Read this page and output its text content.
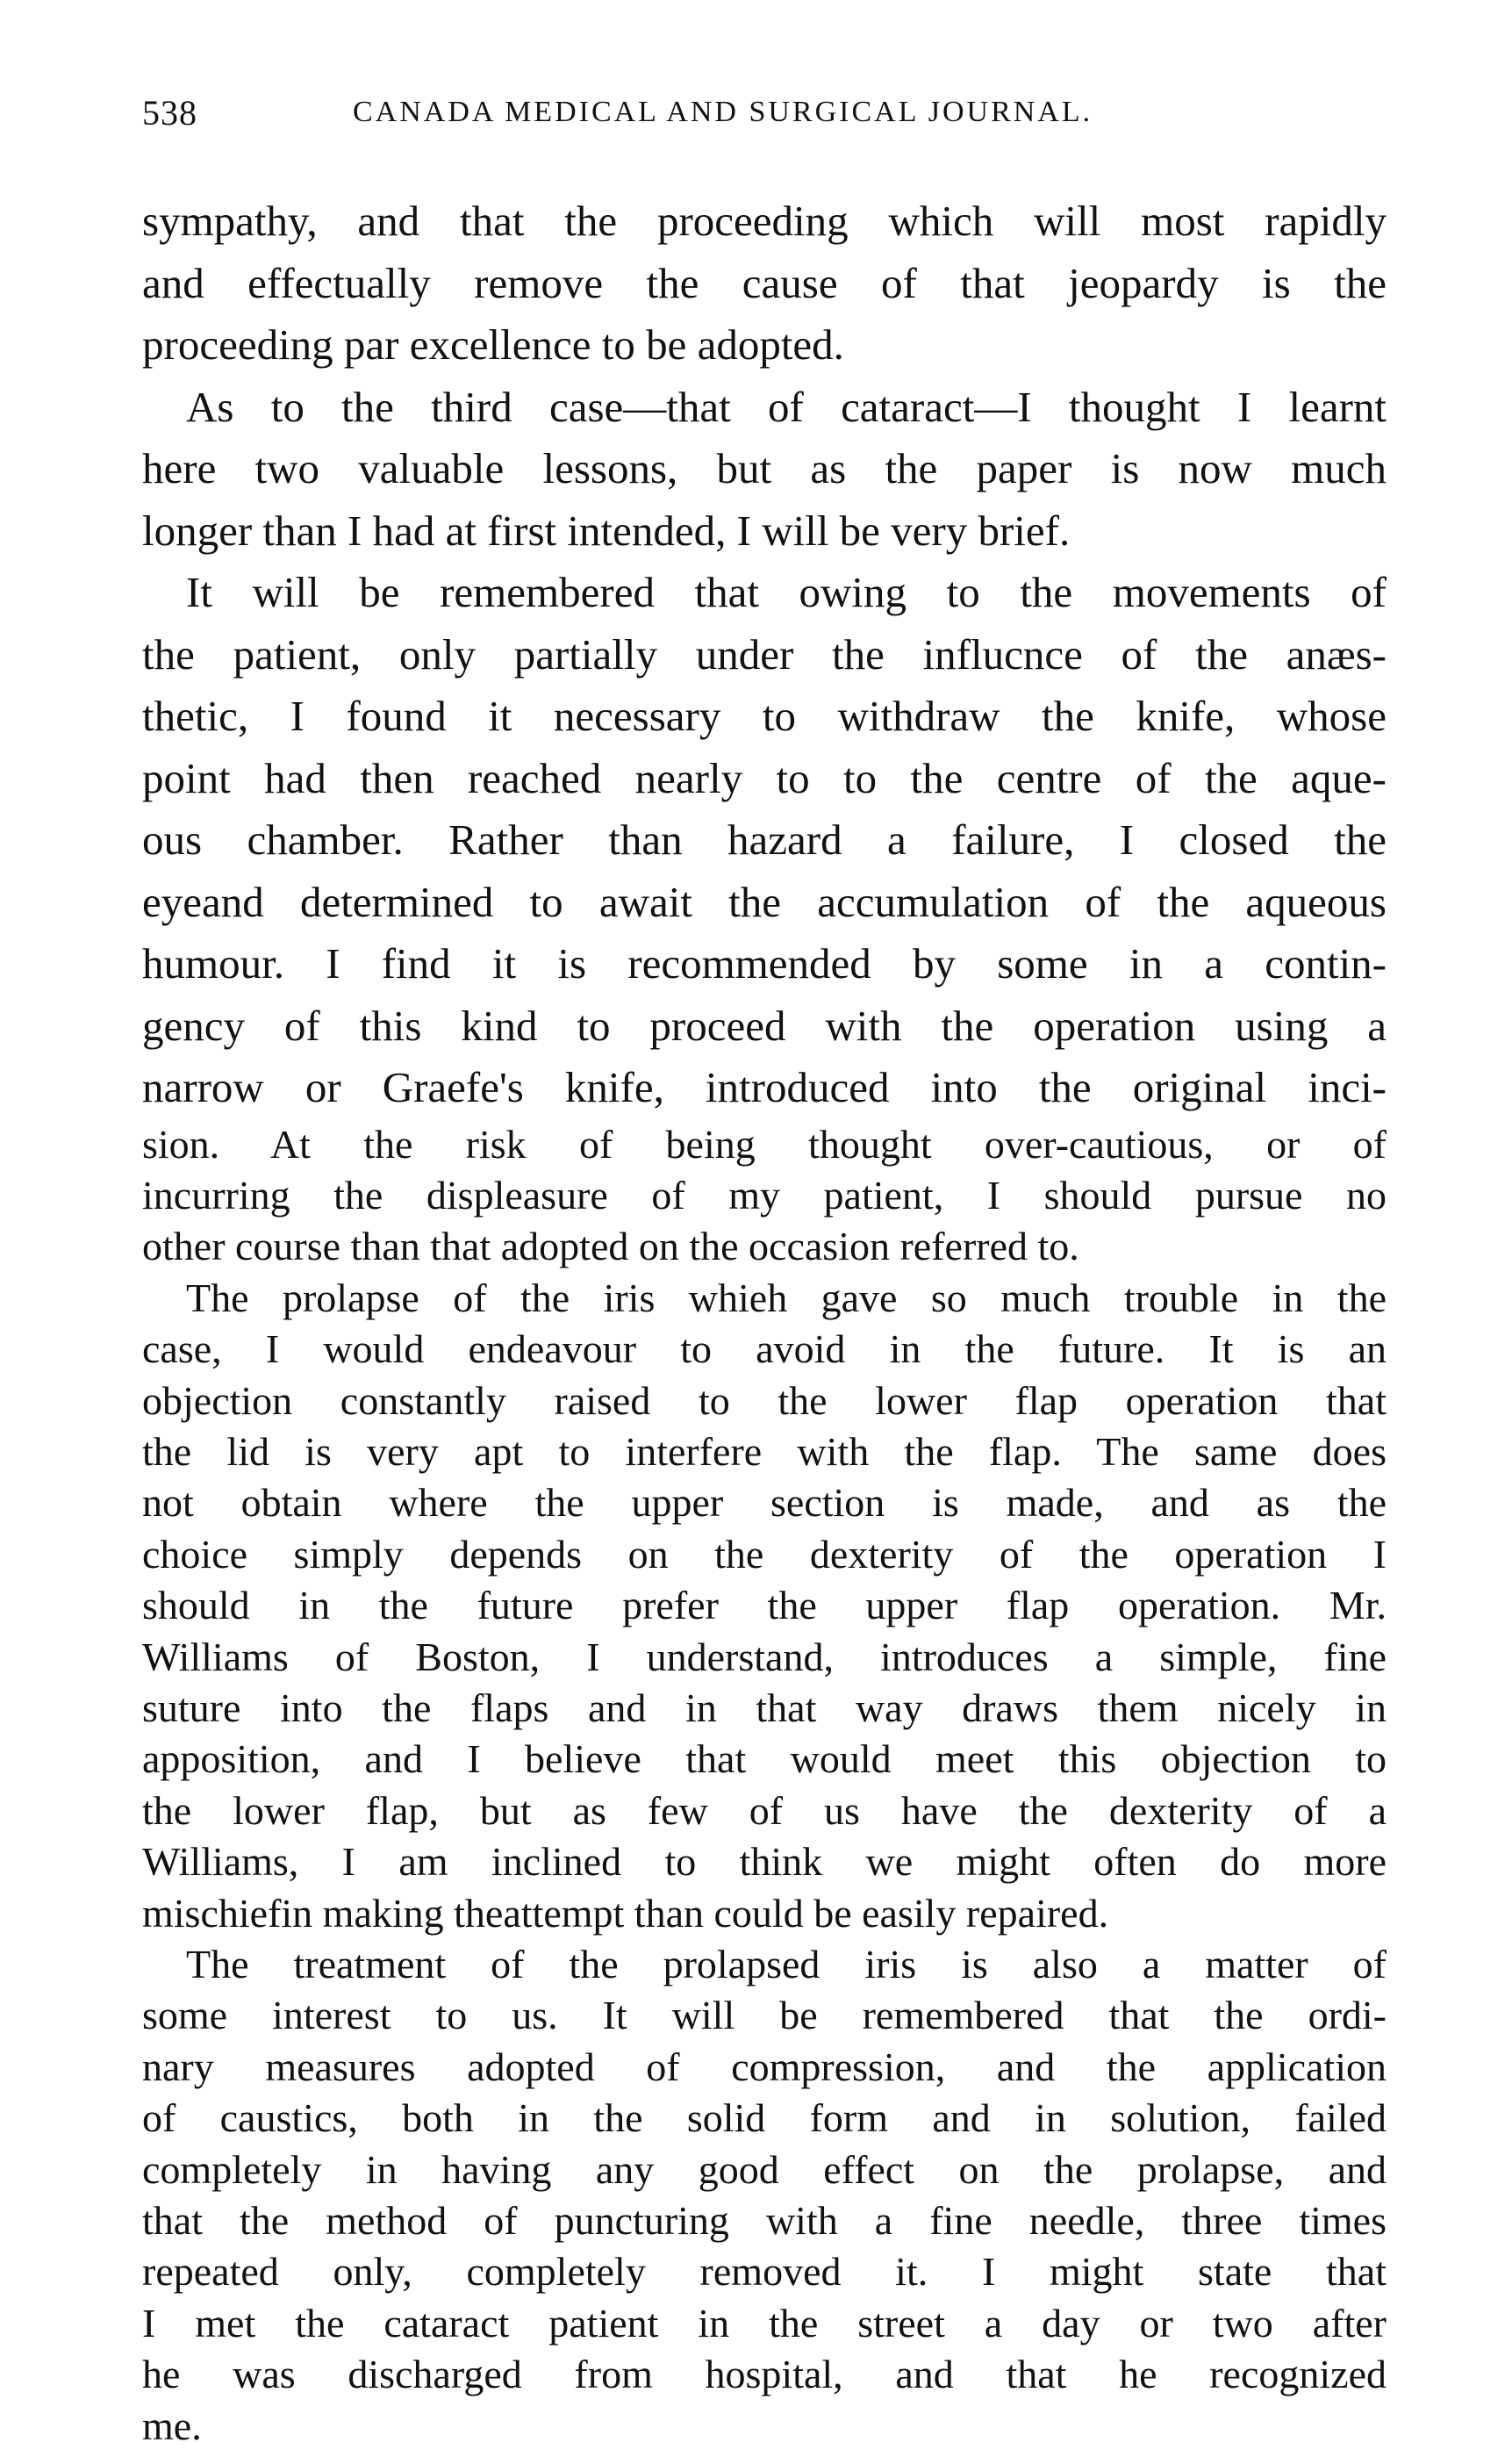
538	CANADA MEDICAL AND SURGICAL JOURNAL.
sympathy, and that the proceeding which will most rapidly
and effectually remove the cause of that jeopardy is the
proceeding par excellence to be adopted.
As to the third case—that of cataract—I thought I learnt
here two valuable lessons, but as the paper is now much
longer than I had at first intended, I will be very brief.
It will be remembered that owing to the movements of
the patient, only partially under the influcnce of the anæs-
thetic, I found it necessary to withdraw the knife, whose
point had then reached nearly to to the centre of the aque-
ous chamber. Rather than hazard a failure, I closed the
eyeand determined to await the accumulation of the aqueous
humour. I find it is recommended by some in a contin-
gency of this kind to proceed with the operation using a
narrow or Graefe's knife, introduced into the original inci-
sion. At the risk of being thought over-cautious, or of
incurring the displeasure of my patient, I should pursue no
other course than that adopted on the occasion referred to.
The prolapse of the iris whieh gave so much trouble in the
case, I would endeavour to avoid in the future. It is an
objection constantly raised to the lower flap operation that
the lid is very apt to interfere with the flap. The same does
not obtain where the upper section is made, and as the
choice simply depends on the dexterity of the operation I
should in the future prefer the upper flap operation. Mr.
Williams of Boston, I understand, introduces a simple, fine
suture into the flaps and in that way draws them nicely in
apposition, and I believe that would meet this objection to
the lower flap, but as few of us have the dexterity of a
Williams, I am inclined to think we might often do more
mischiefin making theattempt than could be easily repaired.
The treatment of the prolapsed iris is also a matter of
some interest to us. It will be remembered that the ordi-
nary measures adopted of compression, and the application
of caustics, both in the solid form and in solution, failed
completely in having any good effect on the prolapse, and
that the method of puncturing with a fine needle, three times
repeated only, completely removed it. I might state that
I met the cataract patient in the street a day or two after
he was discharged from hospital, and that he recognized
me.
